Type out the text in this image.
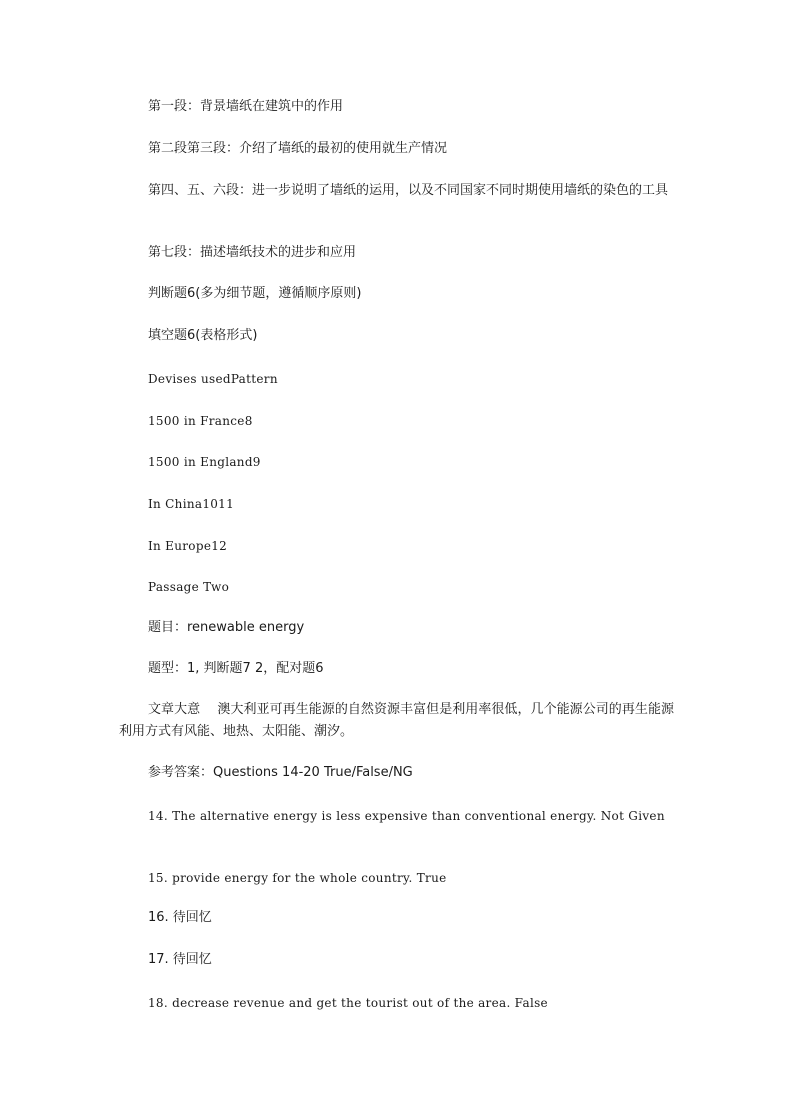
第一段：背景墙纸在建筑中的作用
第二段第三段：介绍了墙纸的最初的使用就生产情况
第四、五、六段：进一步说明了墙纸的运用，以及不同国家不同时期使用墙纸的染色的工具
第七段：描述墙纸技术的进步和应用
判断题6(多为细节题，遵循顺序原则)
填空题6(表格形式)
Devises usedPattern
1500 in France8
1500 in England9
In China1011
In Europe12
Passage Two
题目：renewable energy
题型：1, 判断题7 2，配对题6
文章大意　 澳大利亚可再生能源的自然资源丰富但是利用率很低，几个能源公司的再生能源利用方式有风能、地热、太阳能、潮汐。
参考答案：Questions 14-20 True/False/NG
14. The alternative energy is less expensive than conventional energy. Not Given
15. provide energy for the whole country. True
16. 待回忆
17. 待回忆
18. decrease revenue and get the tourist out of the area. False
